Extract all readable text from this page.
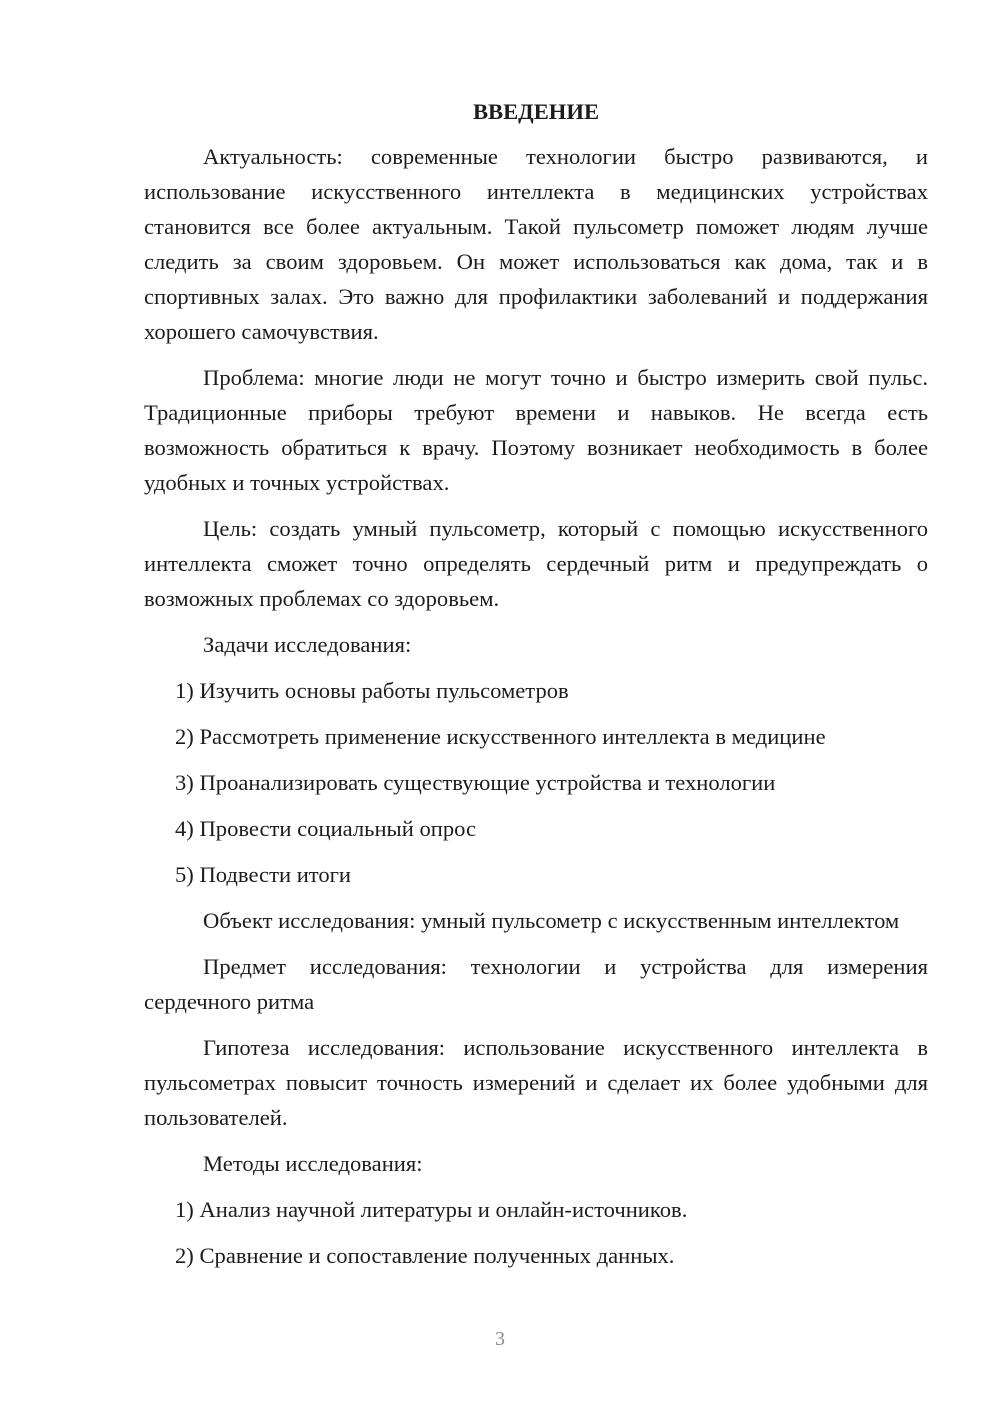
ВВЕДЕНИЕ
Актуальность: современные технологии быстро развиваются, и использование искусственного интеллекта в медицинских устройствах становится все более актуальным. Такой пульсометр поможет людям лучше следить за своим здоровьем. Он может использоваться как дома, так и в спортивных залах. Это важно для профилактики заболеваний и поддержания хорошего самочувствия.
Проблема: многие люди не могут точно и быстро измерить свой пульс. Традиционные приборы требуют времени и навыков. Не всегда есть возможность обратиться к врачу. Поэтому возникает необходимость в более удобных и точных устройствах.
Цель: создать умный пульсометр, который с помощью искусственного интеллекта сможет точно определять сердечный ритм и предупреждать о возможных проблемах со здоровьем.
Задачи исследования:
1) Изучить основы работы пульсометров
2) Рассмотреть применение искусственного интеллекта в медицине
3) Проанализировать существующие устройства и технологии
4) Провести социальный опрос
5) Подвести итоги
Объект исследования: умный пульсометр с искусственным интеллектом
Предмет исследования: технологии и устройства для измерения сердечного ритма
Гипотеза исследования: использование искусственного интеллекта в пульсометрах повысит точность измерений и сделает их более удобными для пользователей.
Методы исследования:
1) Анализ научной литературы и онлайн-источников.
2) Сравнение и сопоставление полученных данных.
3
